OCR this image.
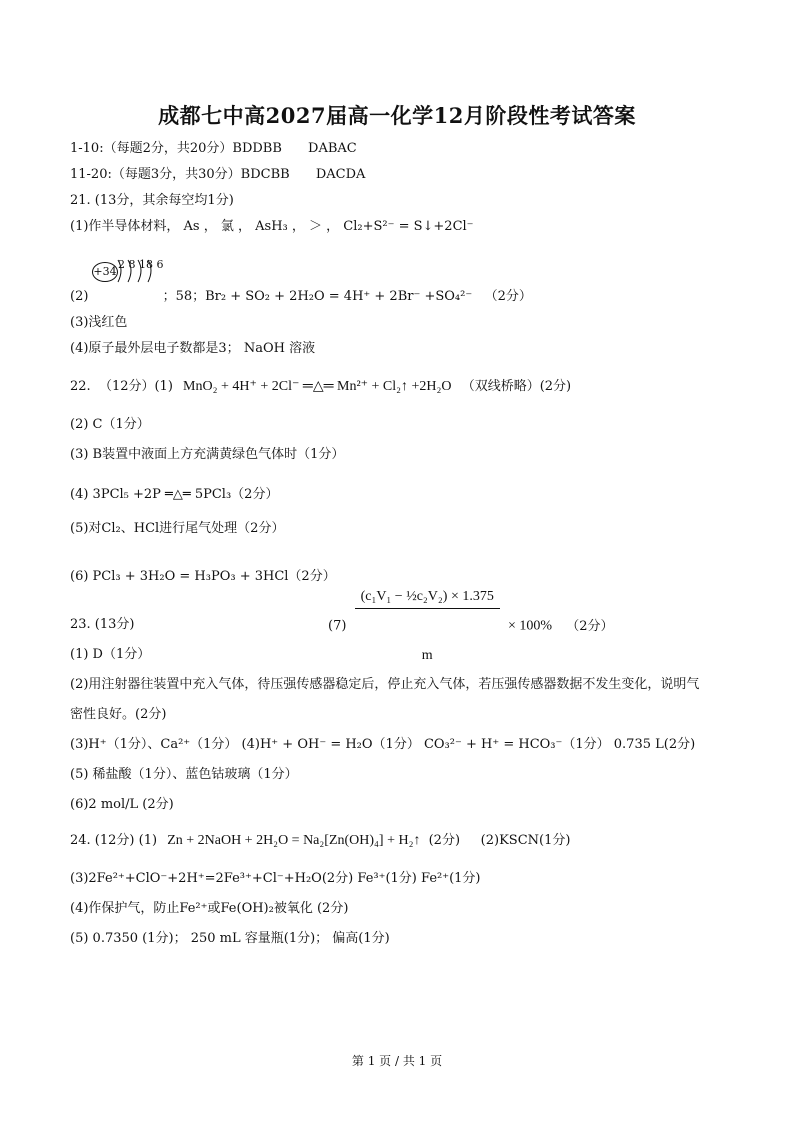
成都七中高2027届高一化学12月阶段性考试答案
1-10:（每题2分，共20分）BDDBB DABAC
11-20:（每题3分，共30分）BDCBB DACDA
21. (13分，其余每空均1分)
(1)作半导体材料， As ， 氯 ， AsH₃ ， ＞ ， Cl₂+S²⁻ = S↓+2Cl⁻
+34
2 8 18 6
(2)	；58；Br₂ + SO₂ + 2H₂O = 4H⁺ + 2Br⁻ +SO₄²⁻   （2分）
(3)浅红色
(4)原子最外层电子数都是3； NaOH 溶液
22.  （12分）(1) MnO₂ + 4H⁺ + 2Cl⁻ ═△═ Mn²⁺ + Cl₂↑ +2H₂O （双线桥略）(2分)
(2) C（1分）
(3) B装置中液面上方充满黄绿色气体时（1分）
(4) 3PCl₅ +2P ═△═ 5PCl₃（2分）
(5)对Cl₂、HCl进行尾气处理（2分）
(6) PCl₃ + 3H₂O = H₃PO₃ + 3HCl（2分）
(7)
$\frac{\text{(c₁V₁ − ½c₂V₂) × 1.375}}{m} \times 100\%$ （2分）
23. (13分)
(1) D（1分）
(2)用注射器往装置中充入气体，待压强传感器稳定后，停止充入气体，若压强传感器数据不发生变化，说明气
密性良好。(2分)
(3)H⁺（1分）、Ca²⁺（1分） (4)H⁺ + OH⁻ = H₂O（1分） CO₃²⁻ + H⁺ = HCO₃⁻（1分） 0.735 L(2分)
(5) 稀盐酸（1分）、蓝色钴玻璃（1分）
(6)2 mol/L (2分)
24. (12分) (1) Zn + 2NaOH + 2H₂O = Na₂[Zn(OH)₄] + H₂↑ (2分)     (2)KSCN(1分)
(3)2Fe²⁺+ClO⁻+2H⁺=2Fe³⁺+Cl⁻+H₂O(2分) Fe³⁺(1分) Fe²⁺(1分)
(4)作保护气，防止Fe²⁺或Fe(OH)₂被氧化 (2分)
(5) 0.7350 (1分)； 250 mL 容量瓶(1分)； 偏高(1分)
第 1 页 / 共 1 页
